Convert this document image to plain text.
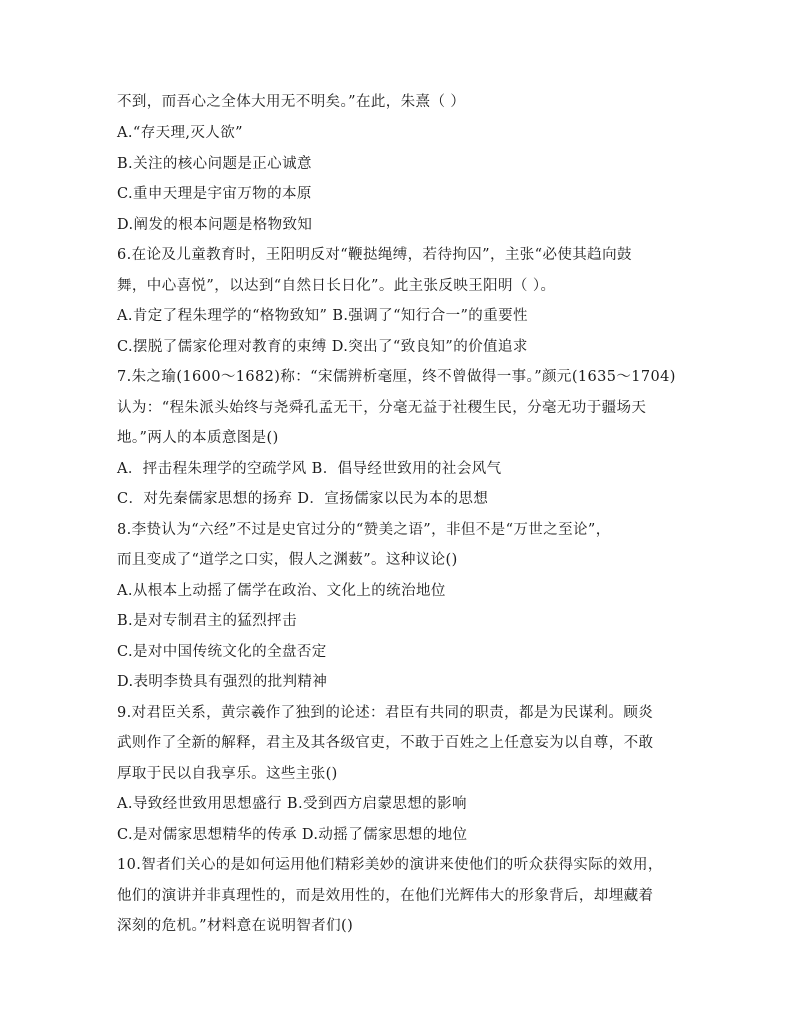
不到，而吾心之全体大用无不明矣。”在此，朱熹（ ）
A.“存天理,灭人欲”
B.关注的核心问题是正心诚意
C.重申天理是宇宙万物的本原
D.阐发的根本问题是格物致知
6.在论及儿童教育时，王阳明反对“鞭挞绳缚，若待拘囚”，主张“必使其趋向鼓
舞，中心喜悦”，以达到“自然日长日化”。此主张反映王阳明（ ）。
A.肯定了程朱理学的“格物致知” B.强调了“知行合一”的重要性
C.摆脱了儒家伦理对教育的束缚 D.突出了“致良知”的价值追求
7.朱之瑜(1600～1682)称：“宋儒辨析毫厘，终不曾做得一事。”颜元(1635～1704)
认为：“程朱派头始终与尧舜孔孟无干，分毫无益于社稷生民，分毫无功于疆场天
地。”两人的本质意图是()
A．抨击程朱理学的空疏学风 B．倡导经世致用的社会风气
C．对先秦儒家思想的扬弃 D．宣扬儒家以民为本的思想
8.李贽认为“六经”不过是史官过分的“赞美之语”，非但不是“万世之至论”，
而且变成了“道学之口实，假人之渊薮”。这种议论()
A.从根本上动摇了儒学在政治、文化上的统治地位
B.是对专制君主的猛烈抨击
C.是对中国传统文化的全盘否定
D.表明李贽具有强烈的批判精神
9.对君臣关系，黄宗羲作了独到的论述：君臣有共同的职责，都是为民谋利。顾炎
武则作了全新的解释，君主及其各级官吏，不敢于百姓之上任意妄为以自尊，不敢
厚取于民以自我享乐。这些主张()
A.导致经世致用思想盛行 B.受到西方启蒙思想的影响
C.是对儒家思想精华的传承 D.动摇了儒家思想的地位
10.智者们关心的是如何运用他们精彩美妙的演讲来使他们的听众获得实际的效用，
他们的演讲并非真理性的，而是效用性的，在他们光辉伟大的形象背后，却埋藏着
深刻的危机。”材料意在说明智者们()
